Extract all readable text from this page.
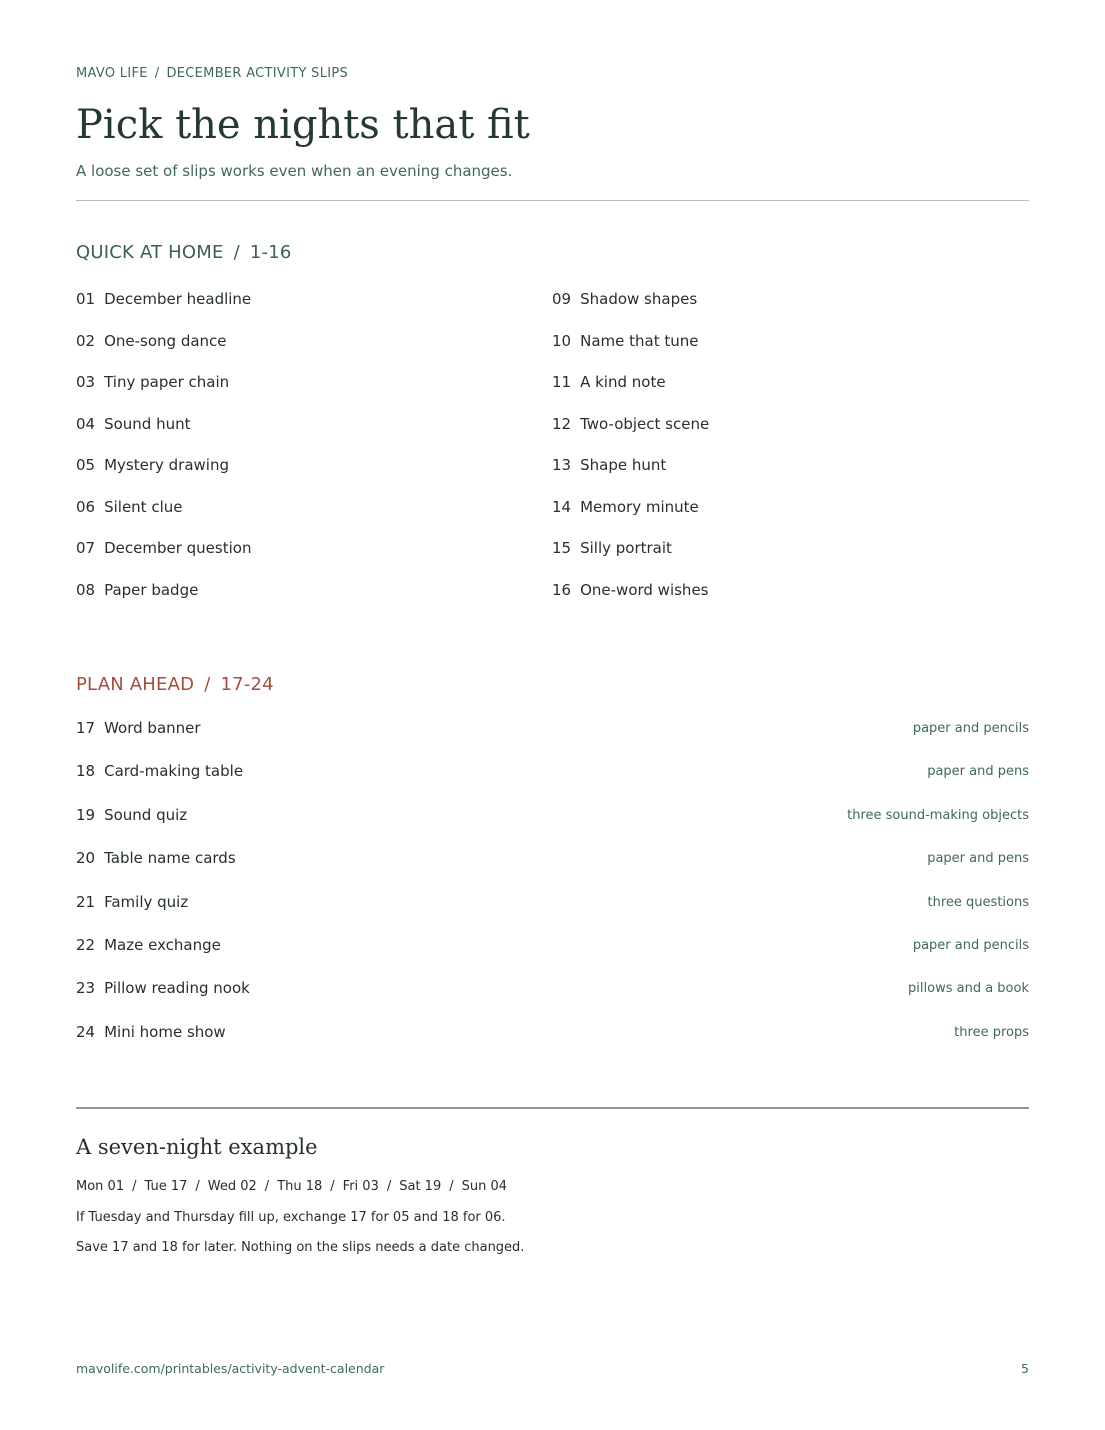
MAVO LIFE / DECEMBER ACTIVITY SLIPS
Pick the nights that fit
A loose set of slips works even when an evening changes.
QUICK AT HOME / 1-16
01 December headline
02 One-song dance
03 Tiny paper chain
04 Sound hunt
05 Mystery drawing
06 Silent clue
07 December question
08 Paper badge
09 Shadow shapes
10 Name that tune
11 A kind note
12 Two-object scene
13 Shape hunt
14 Memory minute
15 Silly portrait
16 One-word wishes
PLAN AHEAD / 17-24
17 Word banner	paper and pencils
18 Card-making table	paper and pens
19 Sound quiz	three sound-making objects
20 Table name cards	paper and pens
21 Family quiz	three questions
22 Maze exchange	paper and pencils
23 Pillow reading nook	pillows and a book
24 Mini home show	three props
A seven-night example
Mon 01 / Tue 17 / Wed 02 / Thu 18 / Fri 03 / Sat 19 / Sun 04
If Tuesday and Thursday fill up, exchange 17 for 05 and 18 for 06.
Save 17 and 18 for later. Nothing on the slips needs a date changed.
mavolife.com/printables/activity-advent-calendar	5
